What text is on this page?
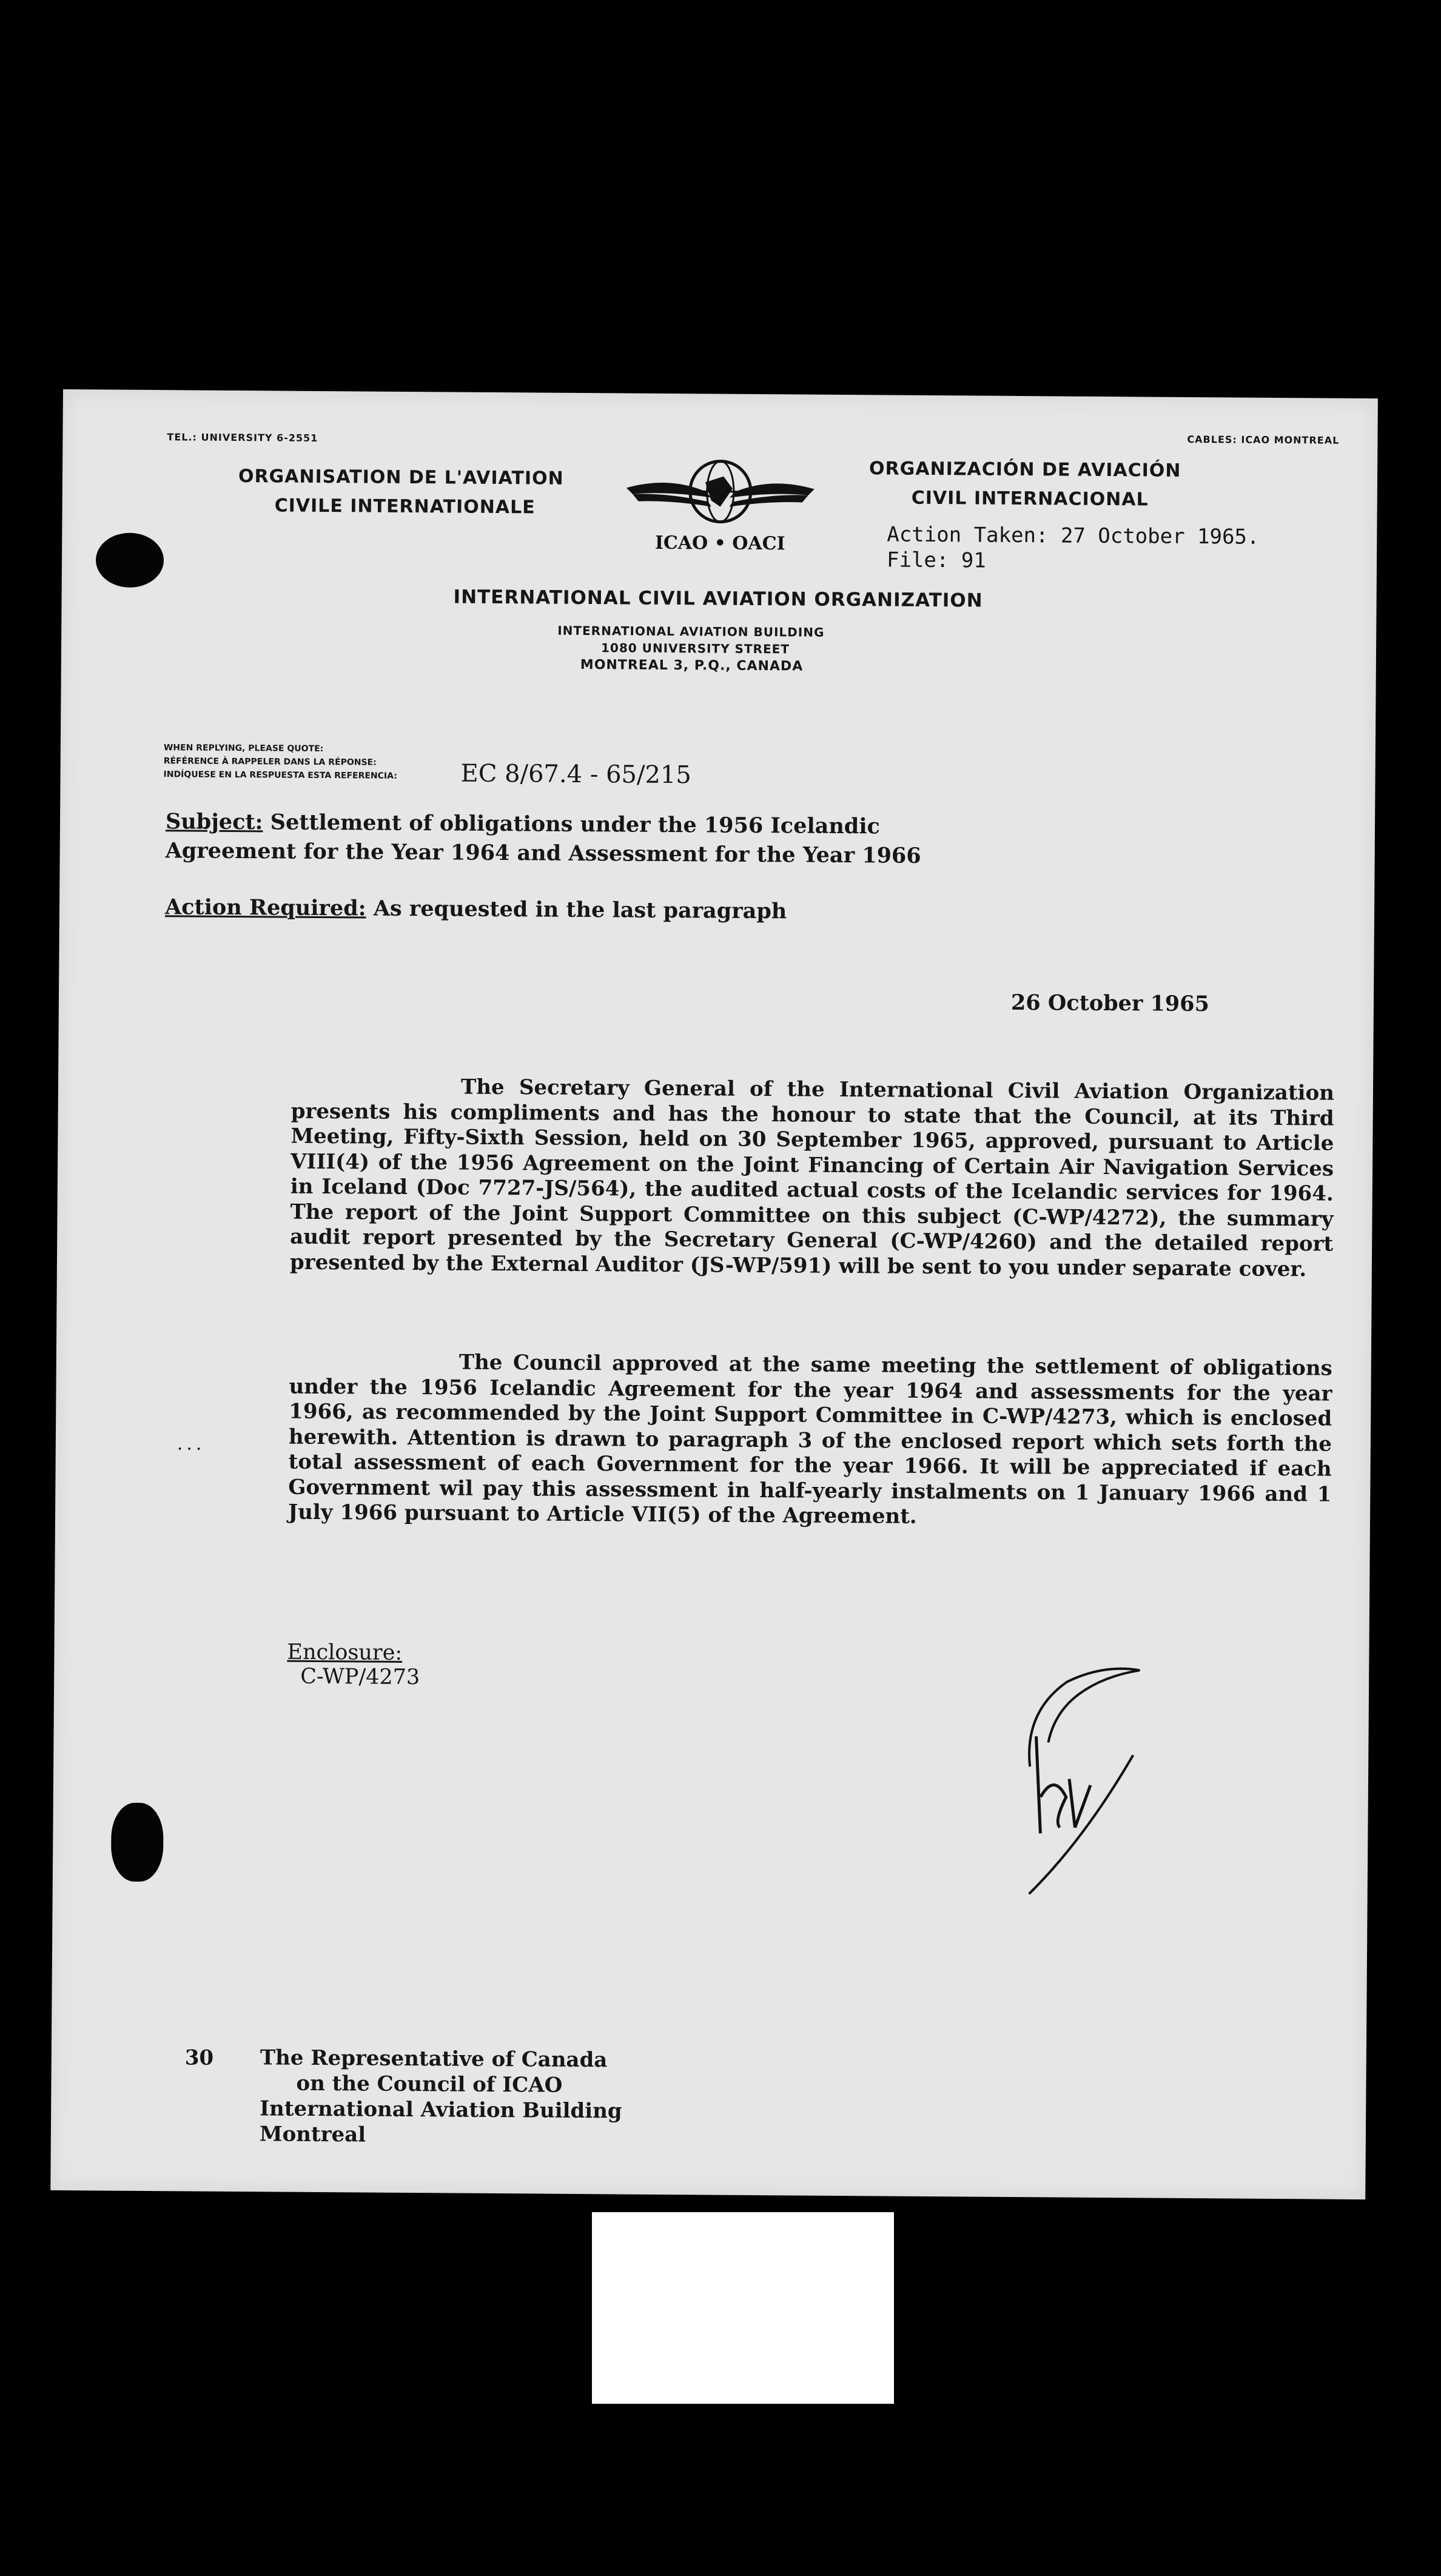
TEL.: UNIVERSITY 6-2551	CABLES: ICAO MONTREAL
ORGANISATION DE L'AVIATION
CIVILE INTERNATIONALE
ICAO • OACI
ORGANIZACIÓN DE AVIACIÓN
CIVIL INTERNACIONAL
Action Taken: 27 October 1965.
File: 91
INTERNATIONAL CIVIL AVIATION ORGANIZATION
INTERNATIONAL AVIATION BUILDING
1080 UNIVERSITY STREET
MONTREAL 3, P.Q., CANADA
WHEN REPLYING, PLEASE QUOTE:
RÉFÉRENCE À RAPPELER DANS LA RÉPONSE:
INDÍQUESE EN LA RESPUESTA ESTA REFERENCIA:	EC 8/67.4 - 65/215
Subject: Settlement of obligations under the 1956 Icelandic Agreement for the Year 1964 and Assessment for the Year 1966
Action Required: As requested in the last paragraph
26 October 1965
The Secretary General of the International Civil Aviation Organization presents his compliments and has the honour to state that the Council, at its Third Meeting, Fifty-Sixth Session, held on 30 September 1965, approved, pursuant to Article VIII(4) of the 1956 Agreement on the Joint Financing of Certain Air Navigation Services in Iceland (Doc 7727-JS/564), the audited actual costs of the Icelandic services for 1964. The report of the Joint Support Committee on this subject (C-WP/4272), the summary audit report presented by the Secretary General (C-WP/4260) and the detailed report presented by the External Auditor (JS-WP/591) will be sent to you under separate cover.
...
The Council approved at the same meeting the settlement of obligations under the 1956 Icelandic Agreement for the year 1964 and assessments for the year 1966, as recommended by the Joint Support Committee in C-WP/4273, which is enclosed herewith. Attention is drawn to paragraph 3 of the enclosed report which sets forth the total assessment of each Government for the year 1966. It will be appreciated if each Government wil pay this assessment in half-yearly instalments on 1 January 1966 and 1 July 1966 pursuant to Article VII(5) of the Agreement.
Enclosure:
C-WP/4273
30 The Representative of Canada
on the Council of ICAO
International Aviation Building
Montreal
